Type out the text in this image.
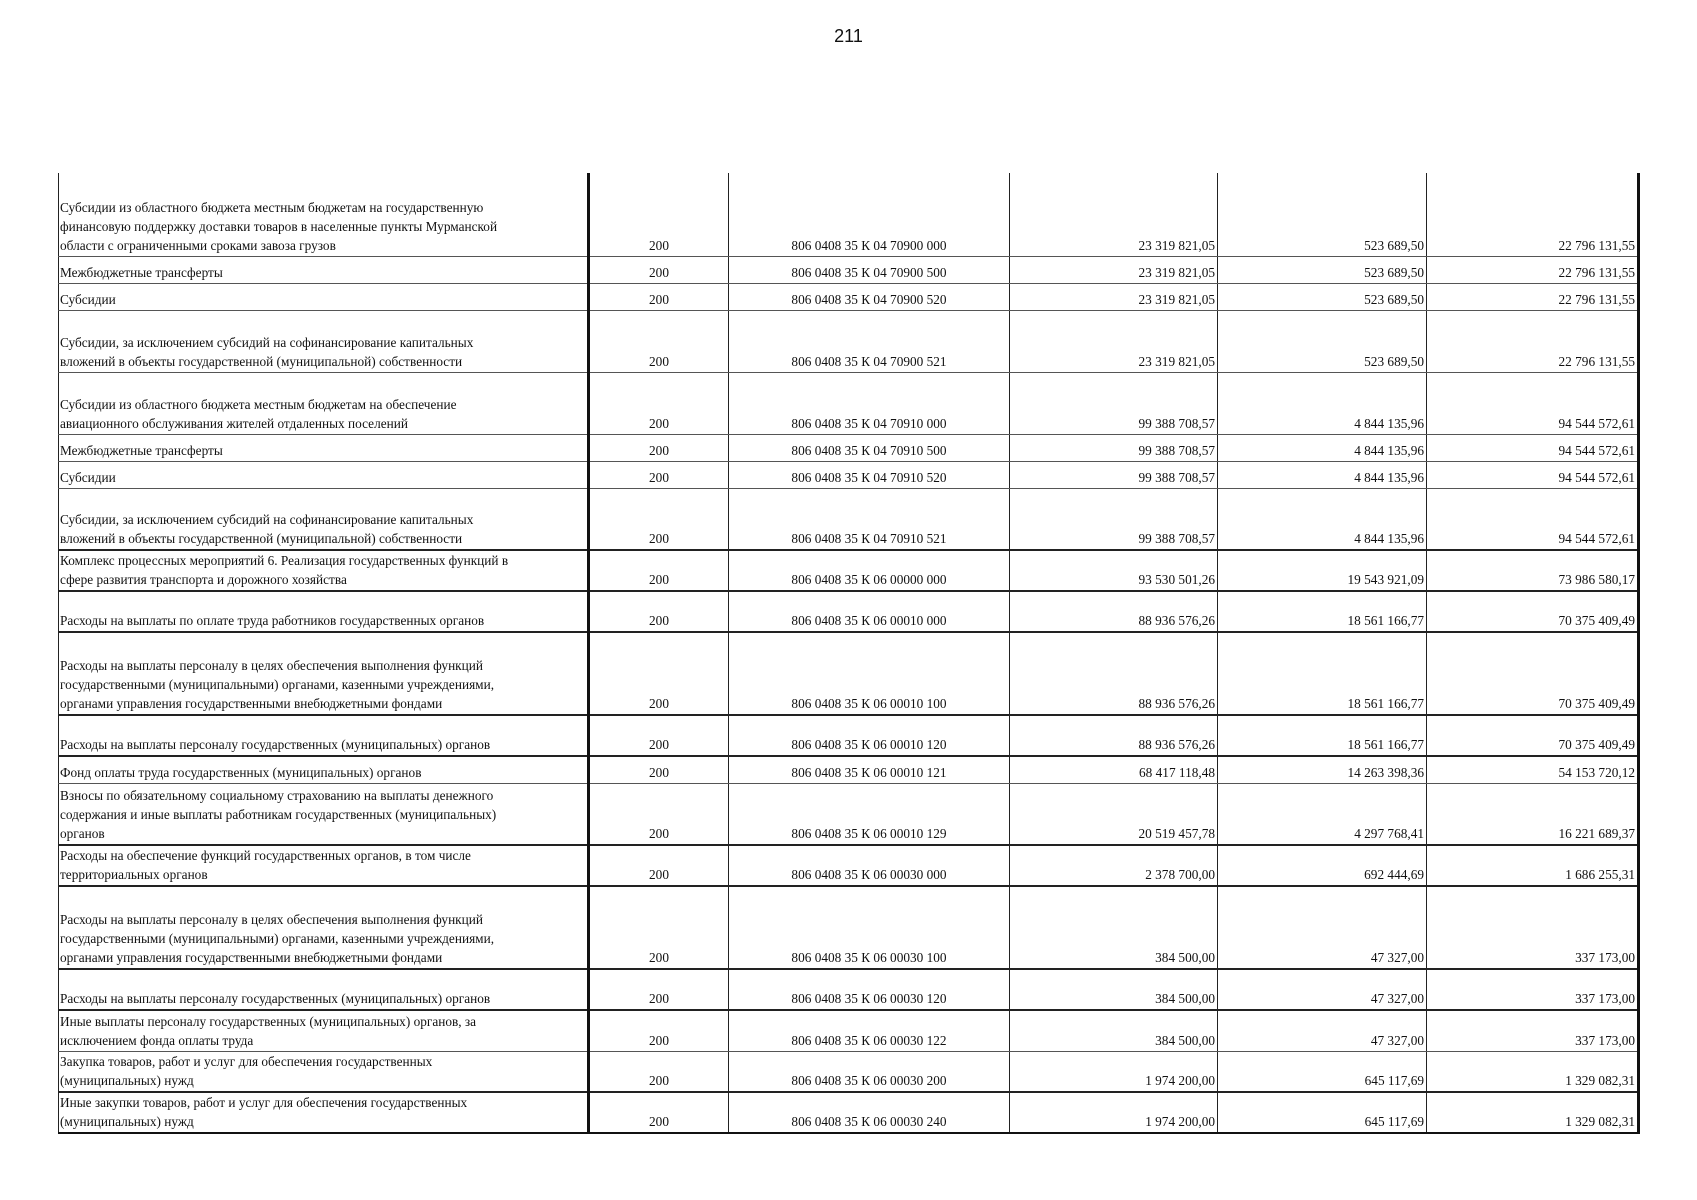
211
Субсидии из областного бюджета местным бюджетам на государственную
финансовую поддержку доставки товаров в населенные пункты Мурманской
области с ограниченными сроками завоза грузов	200	806 0408 35 К 04 70900 000	23 319 821,05	523 689,50	22 796 131,55
Межбюджетные трансферты	200	806 0408 35 К 04 70900 500	23 319 821,05	523 689,50	22 796 131,55
Субсидии	200	806 0408 35 К 04 70900 520	23 319 821,05	523 689,50	22 796 131,55
Субсидии, за исключением субсидий на софинансирование капитальных
вложений в объекты государственной (муниципальной) собственности	200	806 0408 35 К 04 70900 521	23 319 821,05	523 689,50	22 796 131,55
Субсидии из областного бюджета местным бюджетам на обеспечение
авиационного обслуживания жителей отдаленных поселений	200	806 0408 35 К 04 70910 000	99 388 708,57	4 844 135,96	94 544 572,61
Межбюджетные трансферты	200	806 0408 35 К 04 70910 500	99 388 708,57	4 844 135,96	94 544 572,61
Субсидии	200	806 0408 35 К 04 70910 520	99 388 708,57	4 844 135,96	94 544 572,61
Субсидии, за исключением субсидий на софинансирование капитальных
вложений в объекты государственной (муниципальной) собственности	200	806 0408 35 К 04 70910 521	99 388 708,57	4 844 135,96	94 544 572,61
Комплекс процессных мероприятий 6. Реализация государственных функций в
сфере развития транспорта и дорожного хозяйства	200	806 0408 35 К 06 00000 000	93 530 501,26	19 543 921,09	73 986 580,17
Расходы на выплаты по оплате труда работников государственных органов	200	806 0408 35 К 06 00010 000	88 936 576,26	18 561 166,77	70 375 409,49
Расходы на выплаты персоналу в целях обеспечения выполнения функций
государственными (муниципальными) органами, казенными учреждениями,
органами управления государственными внебюджетными фондами	200	806 0408 35 К 06 00010 100	88 936 576,26	18 561 166,77	70 375 409,49
Расходы на выплаты персоналу государственных (муниципальных) органов	200	806 0408 35 К 06 00010 120	88 936 576,26	18 561 166,77	70 375 409,49
Фонд оплаты труда государственных (муниципальных) органов	200	806 0408 35 К 06 00010 121	68 417 118,48	14 263 398,36	54 153 720,12
Взносы по обязательному социальному страхованию на выплаты денежного
содержания и иные выплаты работникам государственных (муниципальных)
органов	200	806 0408 35 К 06 00010 129	20 519 457,78	4 297 768,41	16 221 689,37
Расходы на обеспечение функций государственных органов, в том числе
территориальных органов	200	806 0408 35 К 06 00030 000	2 378 700,00	692 444,69	1 686 255,31
Расходы на выплаты персоналу в целях обеспечения выполнения функций
государственными (муниципальными) органами, казенными учреждениями,
органами управления государственными внебюджетными фондами	200	806 0408 35 К 06 00030 100	384 500,00	47 327,00	337 173,00
Расходы на выплаты персоналу государственных (муниципальных) органов	200	806 0408 35 К 06 00030 120	384 500,00	47 327,00	337 173,00
Иные выплаты персоналу государственных (муниципальных) органов, за
исключением фонда оплаты труда	200	806 0408 35 К 06 00030 122	384 500,00	47 327,00	337 173,00
Закупка товаров, работ и услуг для обеспечения государственных
(муниципальных) нужд	200	806 0408 35 К 06 00030 200	1 974 200,00	645 117,69	1 329 082,31
Иные закупки товаров, работ и услуг для обеспечения государственных
(муниципальных) нужд	200	806 0408 35 К 06 00030 240	1 974 200,00	645 117,69	1 329 082,31
